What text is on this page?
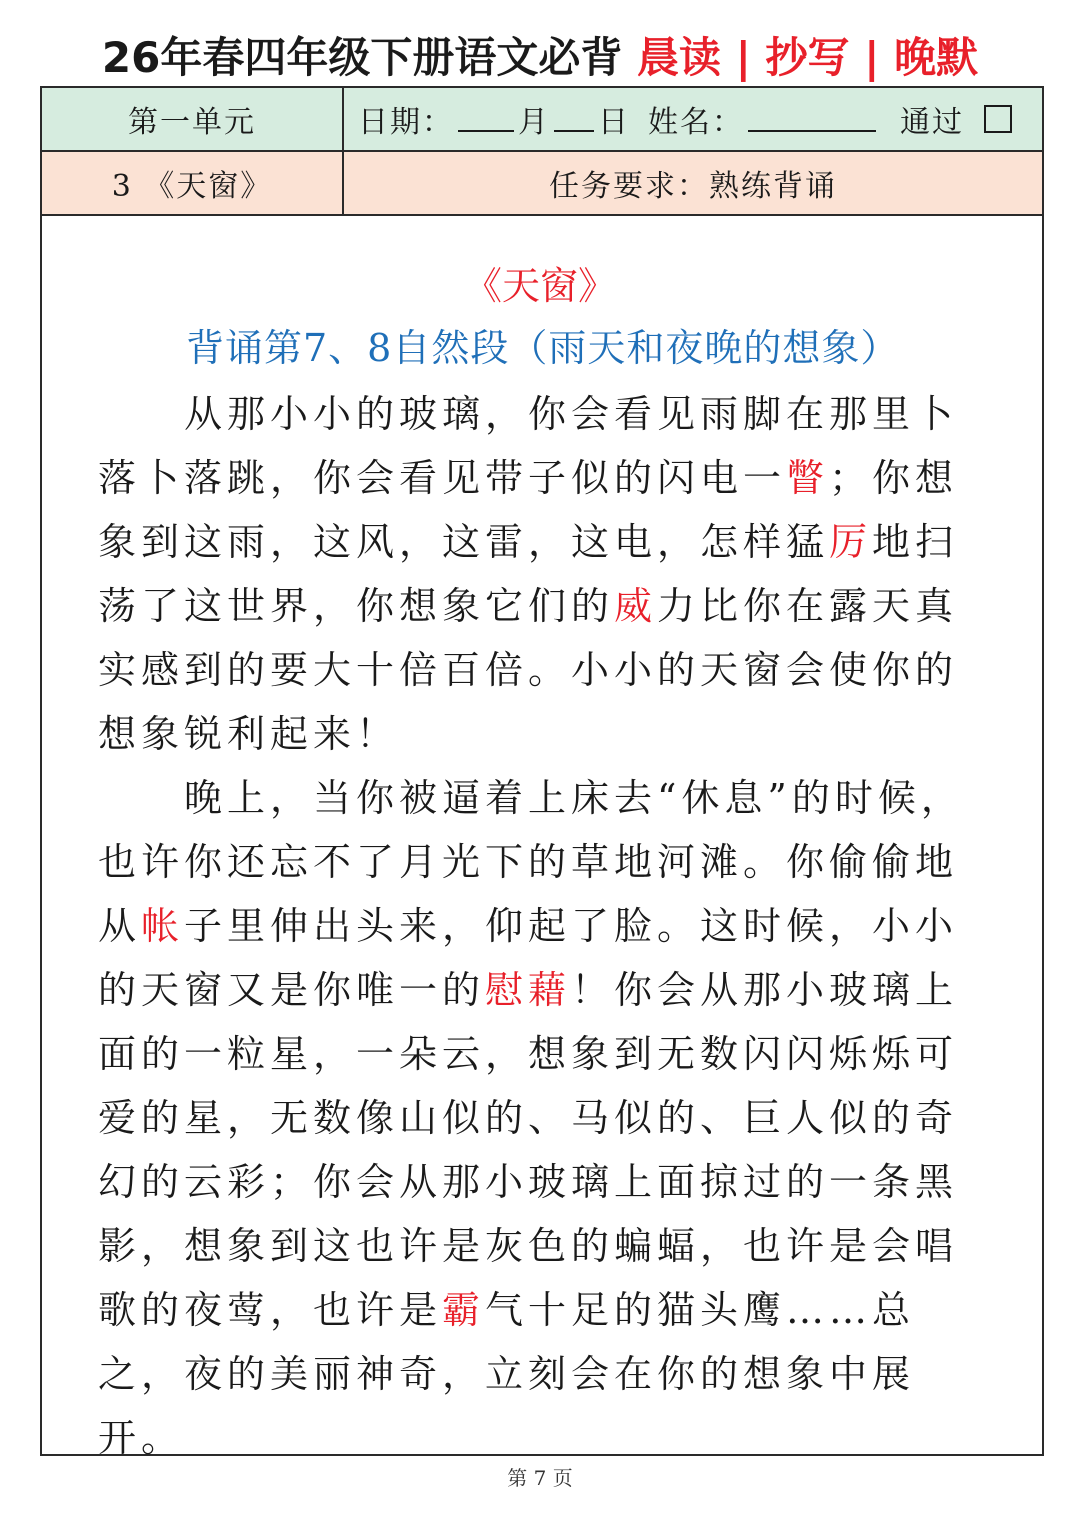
26年春四年级下册语文必背 晨读 | 抄写 | 晚默
第一单元	日期： 月 日 姓名：	通过
3 《天窗》	任务要求：熟练背诵
《天窗》
背诵第7、8自然段（雨天和夜晚的想象）

从那小小的玻璃，你会看见雨脚在那里卜落卜落跳，你会看见带子似的闪电一瞥；你想象到这雨，这风，这雷，这电，怎样猛厉地扫荡了这世界，你想象它们的威力比你在露天真实感到的要大十倍百倍。小小的天窗会使你的想象锐利起来！

晚上，当你被逼着上床去“休息”的时候，也许你还忘不了月光下的草地河滩。你偷偷地从帐子里伸出头来，仰起了脸。这时候，小小的天窗又是你唯一的慰藉！你会从那小玻璃上面的一粒星，一朵云，想象到无数闪闪烁烁可爱的星，无数像山似的、马似的、巨人似的奇幻的云彩；你会从那小玻璃上面掠过的一条黑影，想象到这也许是灰色的蝙蝠，也许是会唱歌的夜莺，也许是霸气十足的猫头鹰……总之，夜的美丽神奇，立刻会在你的想象中展开。

第 7 页
